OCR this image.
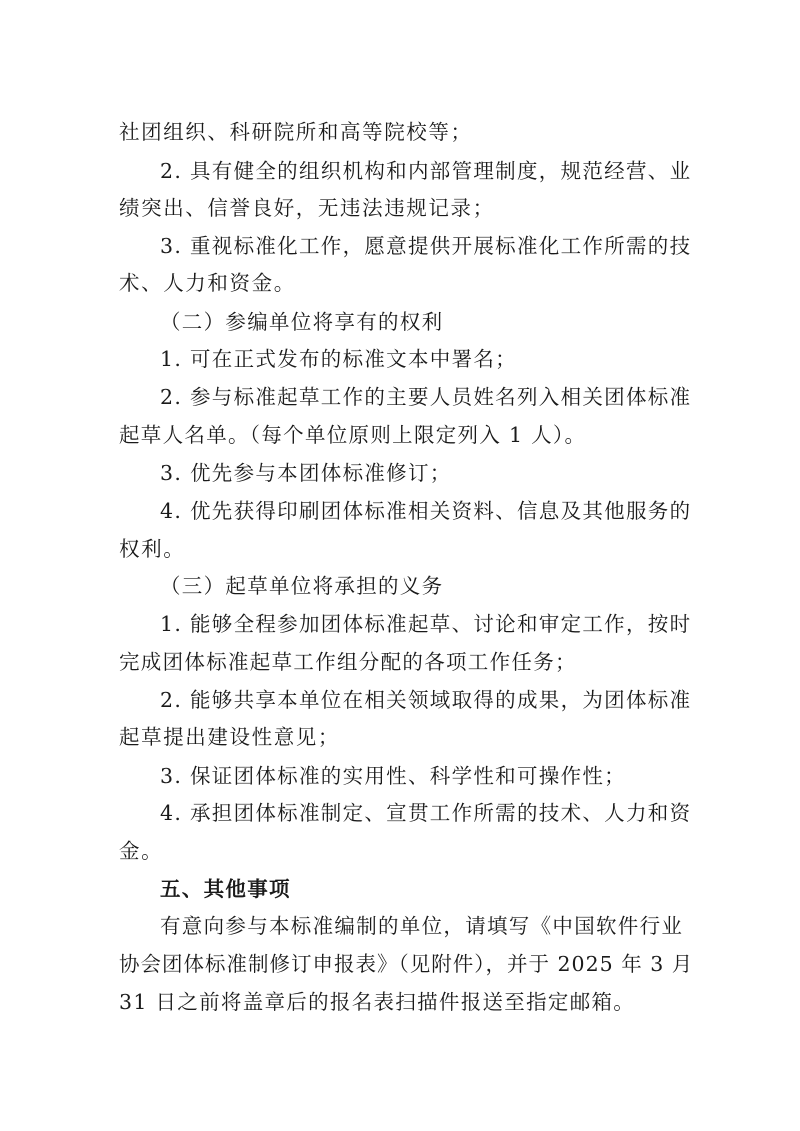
社团组织、科研院所和高等院校等；
2. 具有健全的组织机构和内部管理制度，规范经营、业
绩突出、信誉良好，无违法违规记录；
3. 重视标准化工作，愿意提供开展标准化工作所需的技
术、人力和资金。
（二）参编单位将享有的权利
1. 可在正式发布的标准文本中署名；
2. 参与标准起草工作的主要人员姓名列入相关团体标准
起草人名单。（每个单位原则上限定列入 1 人）。
3. 优先参与本团体标准修订；
4. 优先获得印刷团体标准相关资料、信息及其他服务的
权利。
（三）起草单位将承担的义务
1. 能够全程参加团体标准起草、讨论和审定工作，按时
完成团体标准起草工作组分配的各项工作任务；
2. 能够共享本单位在相关领域取得的成果，为团体标准
起草提出建设性意见；
3. 保证团体标准的实用性、科学性和可操作性；
4. 承担团体标准制定、宣贯工作所需的技术、人力和资
金。
五、其他事项
有意向参与本标准编制的单位，请填写《中国软件行业
协会团体标准制修订申报表》（见附件），并于 2025 年 3 月
31 日之前将盖章后的报名表扫描件报送至指定邮箱。
